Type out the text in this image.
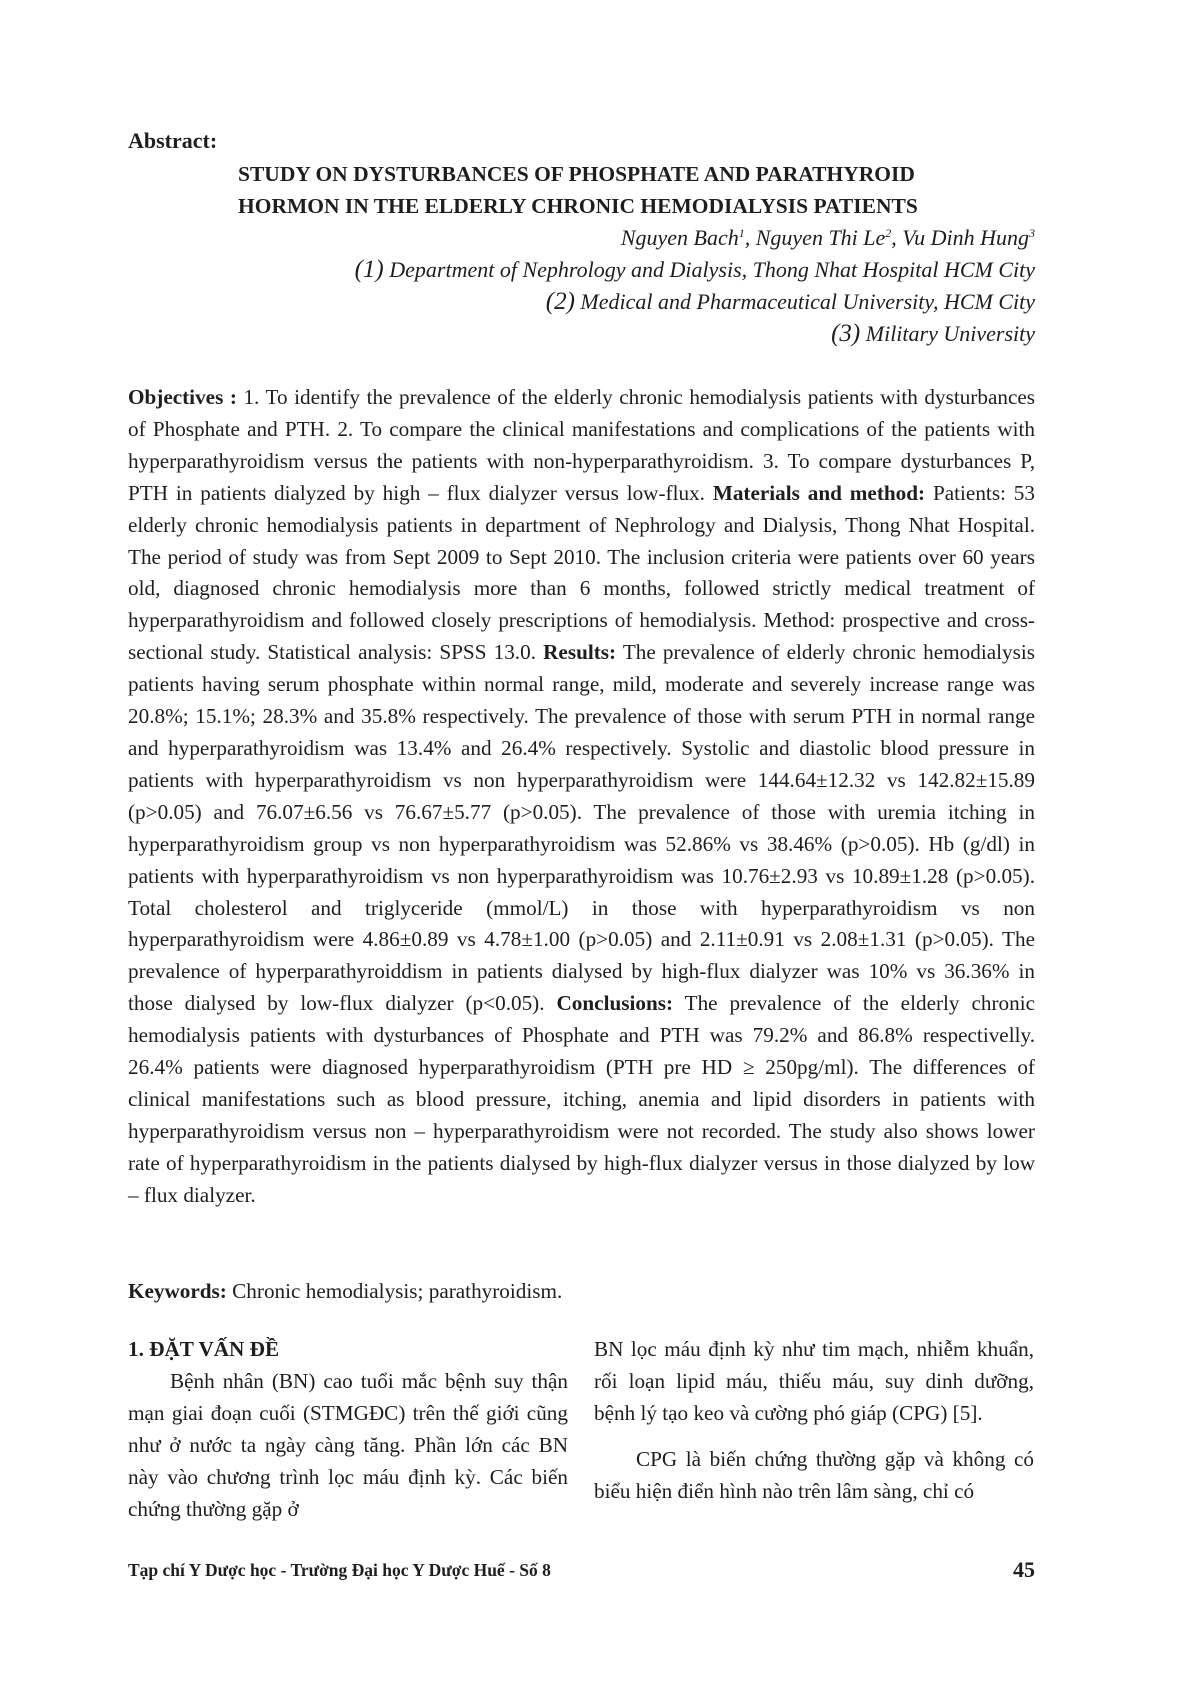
Abstract:
STUDY ON DYSTURBANCES OF PHOSPHATE AND PARATHYROID
HORMON IN THE ELDERLY CHRONIC HEMODIALYSIS PATIENTS
Nguyen Bach$^1$, Nguyen Thi Le$^2$, Vu Dinh Hung$^3$
(1) Department of Nephrology and Dialysis, Thong Nhat Hospital HCM City
(2) Medical and Pharmaceutical University, HCM City
(3) Military University
Objectives : 1. To identify the prevalence of the elderly chronic hemodialysis patients with dysturbances of Phosphate and PTH. 2. To compare the clinical manifestations and complications of the patients with hyperparathyroidism versus the patients with non-hyperparathyroidism. 3. To compare dysturbances P, PTH in patients dialyzed by high – flux dialyzer versus low-flux. Materials and method: Patients: 53 elderly chronic hemodialysis patients in department of Nephrology and Dialysis, Thong Nhat Hospital. The period of study was from Sept 2009 to Sept 2010. The inclusion criteria were patients over 60 years old, diagnosed chronic hemodialysis more than 6 months, followed strictly medical treatment of hyperparathyroidism and followed closely prescriptions of hemodialysis. Method: prospective and cross-sectional study. Statistical analysis: SPSS 13.0. Results: The prevalence of elderly chronic hemodialysis patients having serum phosphate within normal range, mild, moderate and severely increase range was 20.8%; 15.1%; 28.3% and 35.8% respectively. The prevalence of those with serum PTH in normal range and hyperparathyroidism was 13.4% and 26.4% respectively. Systolic and diastolic blood pressure in patients with hyperparathyroidism vs non hyperparathyroidism were 144.64±12.32 vs 142.82±15.89 (p>0.05) and 76.07±6.56 vs 76.67±5.77 (p>0.05). The prevalence of those with uremia itching in hyperparathyroidism group vs non hyperparathyroidism was 52.86% vs 38.46% (p>0.05). Hb (g/dl) in patients with hyperparathyroidism vs non hyperparathyroidism was 10.76±2.93 vs 10.89±1.28 (p>0.05). Total cholesterol and triglyceride (mmol/L) in those with hyperparathyroidism vs non hyperparathyroidism were 4.86±0.89 vs 4.78±1.00 (p>0.05) and 2.11±0.91 vs 2.08±1.31 (p>0.05). The prevalence of hyperparathyroiddism in patients dialysed by high-flux dialyzer was 10% vs 36.36% in those dialysed by low-flux dialyzer (p<0.05). Conclusions: The prevalence of the elderly chronic hemodialysis patients with dysturbances of Phosphate and PTH was 79.2% and 86.8% respectivelly. 26.4% patients were diagnosed hyperparathyroidism (PTH pre HD ≥ 250pg/ml). The differences of clinical manifestations such as blood pressure, itching, anemia and lipid disorders in patients with hyperparathyroidism versus non – hyperparathyroidism were not recorded. The study also shows lower rate of hyperparathyroidism in the patients dialysed by high-flux dialyzer versus in those dialyzed by low – flux dialyzer.
Keywords: Chronic hemodialysis; parathyroidism.

1. ĐẶT VẤN ĐỀ

Bệnh nhân (BN) cao tuổi mắc bệnh suy thận mạn giai đoạn cuối (STMGĐC) trên thế giới cũng như ở nước ta ngày càng tăng. Phần lớn các BN này vào chương trình lọc máu định kỳ. Các biến chứng thường gặp ở

BN lọc máu định kỳ như tim mạch, nhiễm khuẩn, rối loạn lipid máu, thiếu máu, suy dinh dưỡng, bệnh lý tạo keo và cường phó giáp (CPG) [5].

CPG là biến chứng thường gặp và không có biểu hiện điển hình nào trên lâm sàng, chỉ có

Tạp chí Y Dược học - Trường Đại học Y Dược Huế - Số 8	45
